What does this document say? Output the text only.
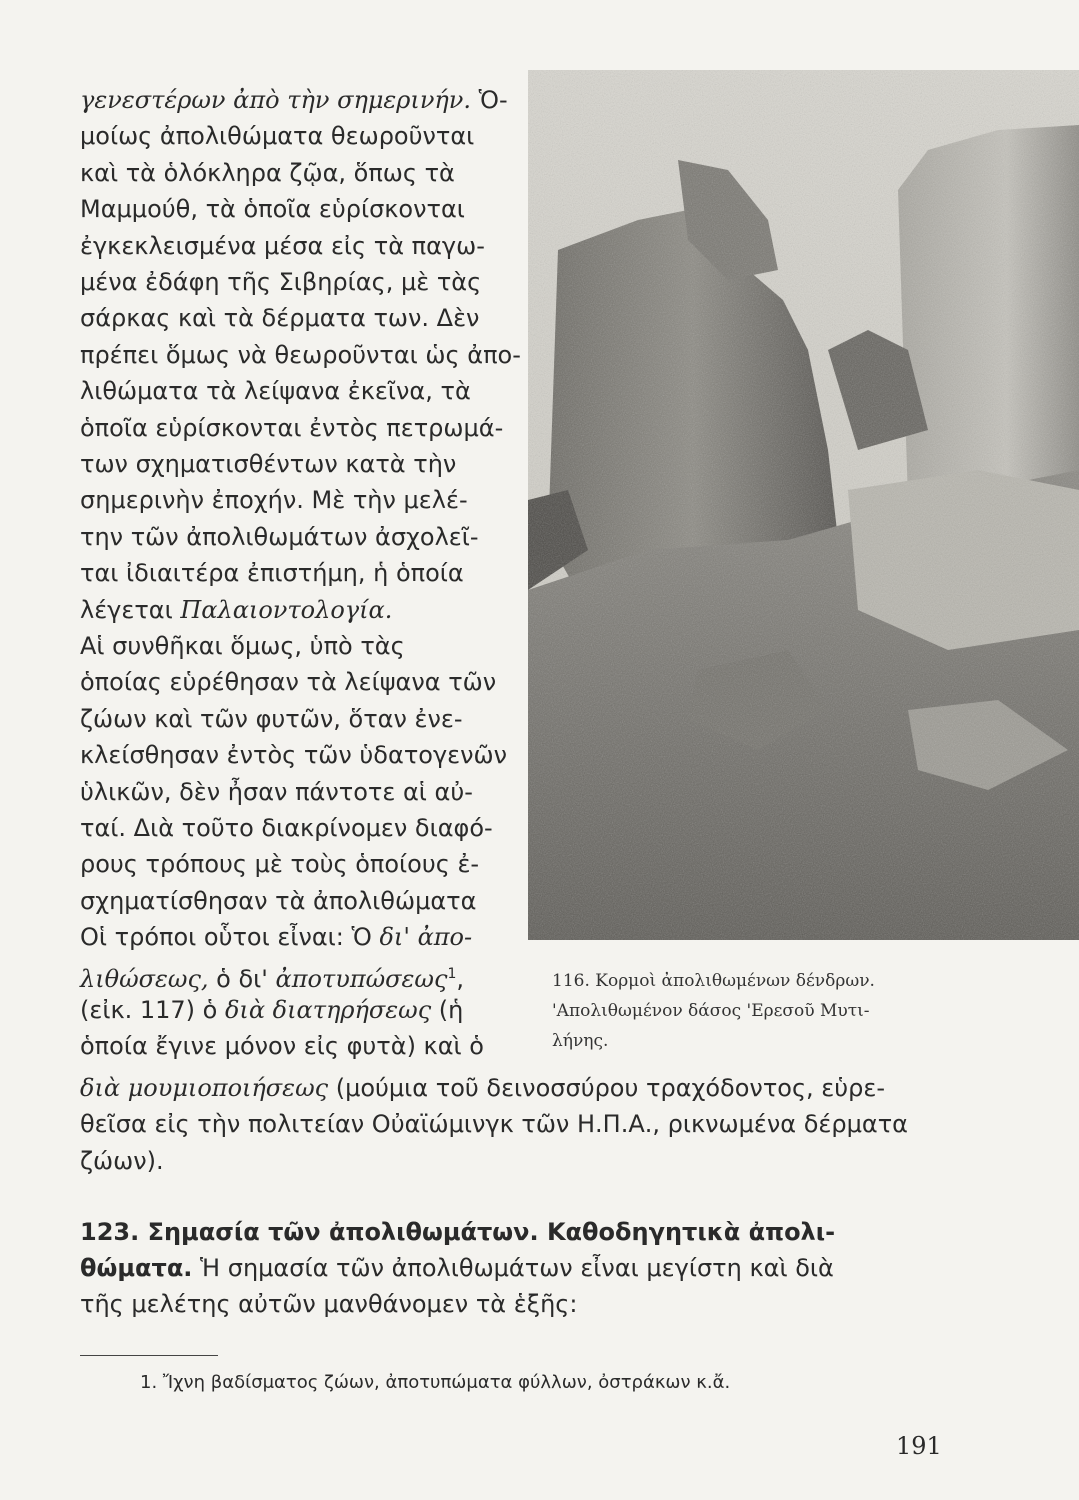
γενεστέρων ἀπὸ τὴν σημερινήν. Ὁ-
μοίως ἀπολιθώματα θεωροῦνται
καὶ τὰ ὁλόκληρα ζῷα, ὅπως τὰ
Μαμμούθ, τὰ ὁποῖα εὑρίσκονται
ἐγκεκλεισμένα μέσα εἰς τὰ παγω-
μένα ἐδάφη τῆς Σιβηρίας, μὲ τὰς
σάρκας καὶ τὰ δέρματα των. Δὲν
πρέπει ὅμως νὰ θεωροῦνται ὡς ἀπο-
λιθώματα τὰ λείψανα ἐκεῖνα, τὰ
ὁποῖα εὑρίσκονται ἐντὸς πετρωμά-
των σχηματισθέντων κατὰ τὴν
σημερινὴν ἐποχήν. Μὲ τὴν μελέ-
την τῶν ἀπολιθωμάτων ἀσχολεῖ-
ται ἰδιαιτέρα ἐπιστήμη, ἡ ὁποία
λέγεται Παλαιοντολογία.
Αἱ συνθῆκαι ὅμως, ὑπὸ τὰς
ὁποίας εὑρέθησαν τὰ λείψανα τῶν
ζώων καὶ τῶν φυτῶν, ὅταν ἐνε-
κλείσθησαν ἐντὸς τῶν ὑδατογενῶν
ὑλικῶν, δὲν ἦσαν πάντοτε αἱ αὐ-
ταί. Διὰ τοῦτο διακρίνομεν διαφό-
ρους τρόπους μὲ τοὺς ὁποίους ἐ-
σχηματίσθησαν τὰ ἀπολιθώματα
Οἱ τρόποι οὗτοι εἶναι: Ὁ δι' ἀπο-
λιθώσεως, ὁ δι' ἀποτυπώσεως$^1$,
(εἰκ. 117) ὁ διὰ διατηρήσεως (ἡ
ὁποία ἔγινε μόνον εἰς φυτὰ) καὶ ὁ
116. Κορμοὶ ἀπολιθωμένων δένδρων.
'Απολιθωμένον δάσος 'Ερεσοῦ Μυτι-
λήνης.
διὰ μουμιοποιήσεως (μούμια τοῦ δεινοσσύρου τραχόδοντος, εὑρε-
θεῖσα εἰς τὴν πολιτείαν Οὐαϊώμινγκ τῶν Η.Π.Α., ρικνωμένα δέρματα
ζώων).
123. Σημασία τῶν ἀπολιθωμάτων. Καθοδηγητικὰ ἀπολι-
θώματα. Ἡ σημασία τῶν ἀπολιθωμάτων εἶναι μεγίστη καὶ διὰ
τῆς μελέτης αὐτῶν μανθάνομεν τὰ ἑξῆς:
1. Ἴχνη βαδίσματος ζώων, ἀποτυπώματα φύλλων, ὀστράκων κ.ἄ.
191
